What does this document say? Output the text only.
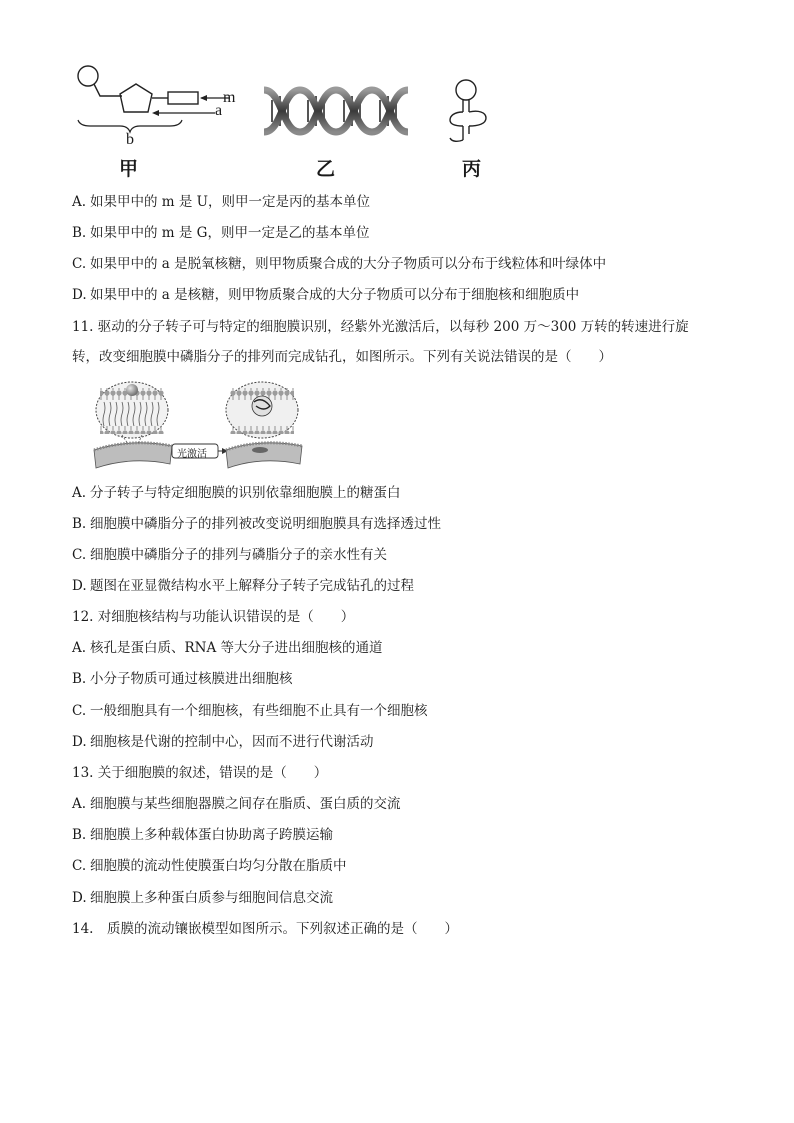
m
a
b
甲	乙	丙
A. 如果甲中的 m 是 U，则甲一定是丙的基本单位
B. 如果甲中的 m 是 G，则甲一定是乙的基本单位
C. 如果甲中的 a 是脱氧核糖，则甲物质聚合成的大分子物质可以分布于线粒体和叶绿体中
D. 如果甲中的 a 是核糖，则甲物质聚合成的大分子物质可以分布于细胞核和细胞质中
11. 驱动的分子转子可与特定的细胞膜识别，经紫外光激活后，以每秒 200 万～300 万转的转速进行旋
转，改变细胞膜中磷脂分子的排列而完成钻孔，如图所示。下列有关说法错误的是（　　）
光激活
A. 分子转子与特定细胞膜的识别依靠细胞膜上的糖蛋白
B. 细胞膜中磷脂分子的排列被改变说明细胞膜具有选择透过性
C. 细胞膜中磷脂分子的排列与磷脂分子的亲水性有关
D. 题图在亚显微结构水平上解释分子转子完成钻孔的过程
12. 对细胞核结构与功能认识错误的是（　　）
A. 核孔是蛋白质、RNA 等大分子进出细胞核的通道
B. 小分子物质可通过核膜进出细胞核
C. 一般细胞具有一个细胞核，有些细胞不止具有一个细胞核
D. 细胞核是代谢的控制中心，因而不进行代谢活动
13. 关于细胞膜的叙述，错误的是（　　）
A. 细胞膜与某些细胞器膜之间存在脂质、蛋白质的交流
B. 细胞膜上多种载体蛋白协助离子跨膜运输
C. 细胞膜的流动性使膜蛋白均匀分散在脂质中
D. 细胞膜上多种蛋白质参与细胞间信息交流
14.　质膜的流动镶嵌模型如图所示。下列叙述正确的是（　　）
